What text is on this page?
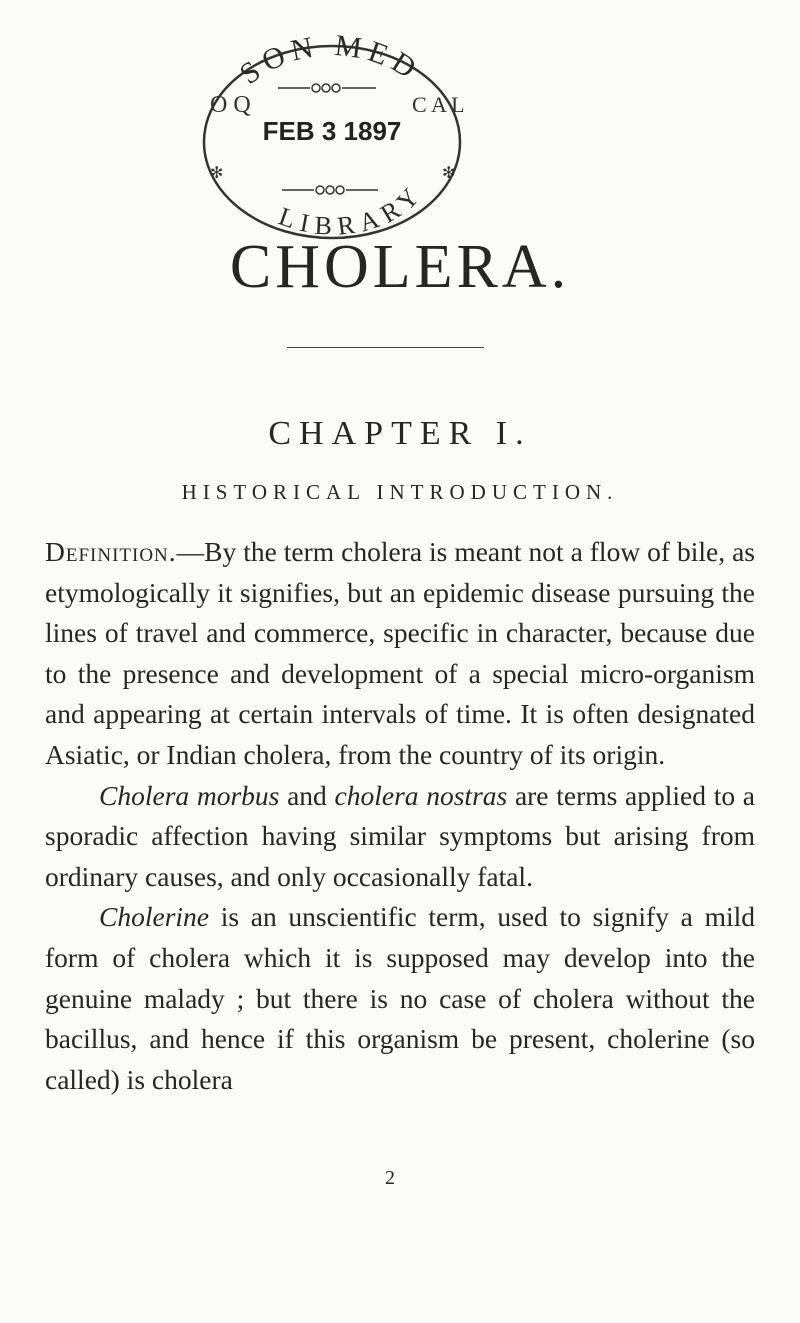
SON MED
O Q	C A L
FEB 3 1897
✻	✻
LIBRARY
CHOLERA.
CHAPTER I.
HISTORICAL INTRODUCTION.

Definition.—By the term cholera is meant not a flow of bile, as etymologically it signifies, but an epidemic disease pursuing the lines of travel and commerce, specific in character, because due to the presence and development of a special micro-organism and appearing at certain intervals of time. It is often designated Asiatic, or Indian cholera, from the country of its origin.

Cholera morbus and cholera nostras are terms applied to a sporadic affection having similar symptoms but arising from ordinary causes, and only occasionally fatal.

Cholerine is an unscientific term, used to signify a mild form of cholera which it is supposed may develop into the genuine malady ; but there is no case of cholera without the bacillus, and hence if this organism be present, cholerine (so called) is cholera

2
